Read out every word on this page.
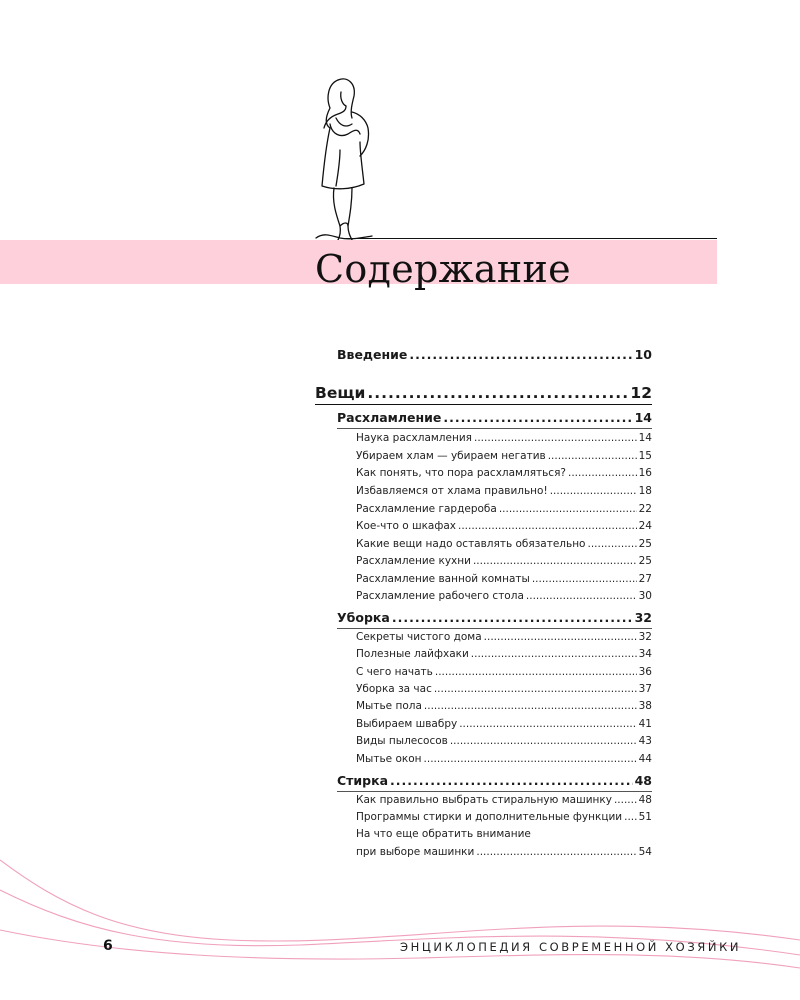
Содержание
Введение .....	10
Вещи .....	12
Расхламление .....	14
Наука расхламления .....	14
Убираем хлам — убираем негатив .....	15
Как понять, что пора расхламляться? .....	16
Избавляемся от хлама правильно! .....	18
Расхламление гардероба .....	22
Кое-что о шкафах .....	24
Какие вещи надо оставлять обязательно .....	25
Расхламление кухни .....	25
Расхламление ванной комнаты .....	27
Расхламление рабочего стола .....	30
Уборка .....	32
Секреты чистого дома .....	32
Полезные лайфхаки .....	34
С чего начать .....	36
Уборка за час .....	37
Мытье пола .....	38
Выбираем швабру .....	41
Виды пылесосов .....	43
Мытье окон .....	44
Стирка .....	48
Как правильно выбрать стиральную машинку .....	48
Программы стирки и дополнительные функции ..... 51
На что еще обратить внимание
при выборе машинки .....	54
6	ЭНЦИКЛОПЕДИЯ СОВРЕМЕННОЙ ХОЗЯЙКИ
